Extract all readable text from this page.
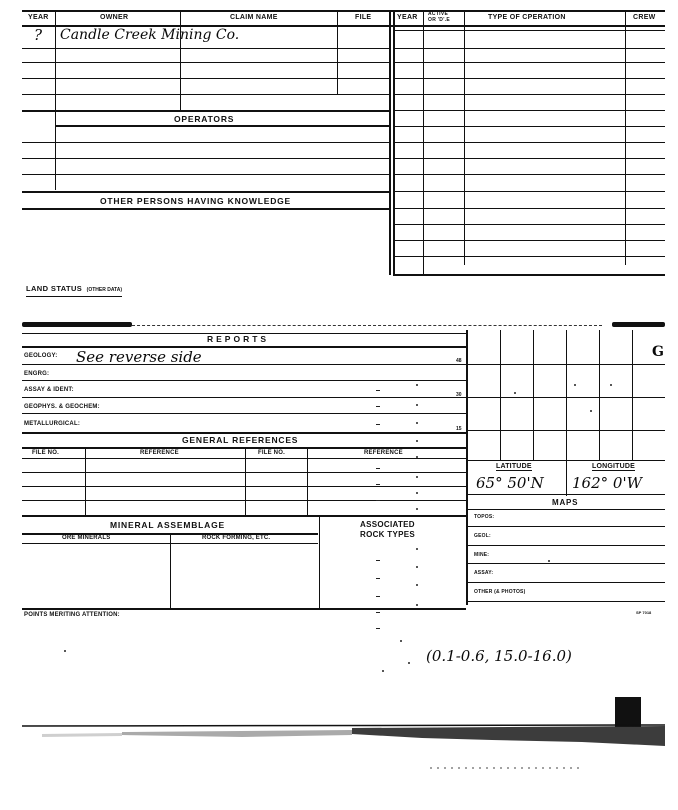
YEAR	OWNER	CLAIM NAME	FILE	YEAR ACTIVE
OR 'D'.E	TYPE OF CPERATION	CREW
? Candle Creek Mining Co.
OPERATORS
OTHER PERSONS HAVING KNOWLEDGE
LAND STATUS (OTHER DATA)
REPORTS
GEOLOGY: See reverse side	48
ENGRG:
ASSAY & IDENT:
30
GEOPHYS. & GEOCHEM:
METALLURGICAL:
15
GENERAL REFERENCES
FILE NO.	REFERENCE	FILE NO.	REFERENCE
MINERAL ASSEMBLAGE
ORE MINERALS	ROCK FORMING, ETC.
ASSOCIATED
ROCK TYPES
G
LATITUDE	LONGITUDE
65° 50'N 162° 0'W
MAPS
TOPOS:
GEOL:
MINE:
ASSAY:
OTHER (& PHOTOS)
POINTS MERITING ATTENTION:	SP 7018
(0.1-0.6, 15.0-16.0)
